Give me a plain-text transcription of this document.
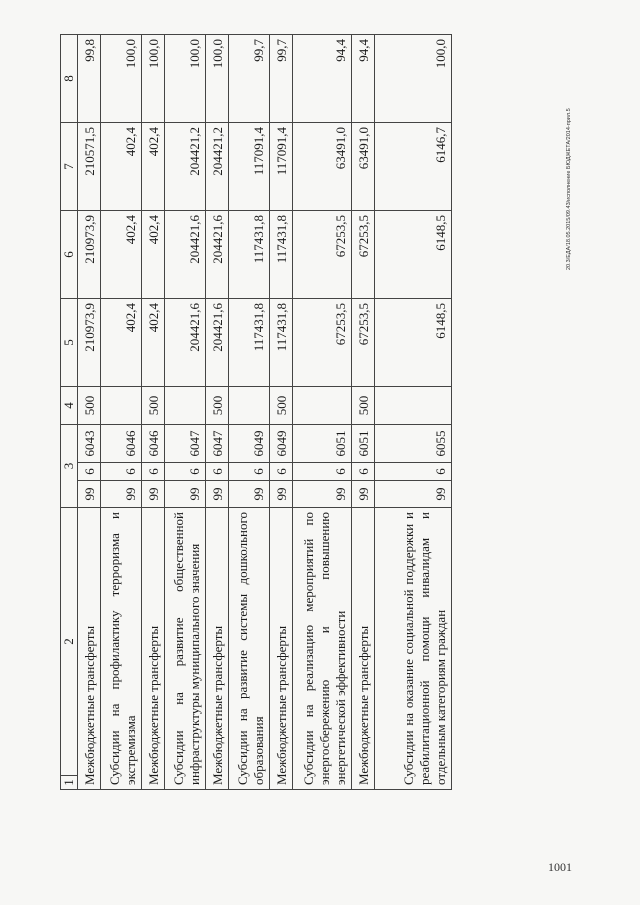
1	2	3			4	5	6	7	8
Межбюджетные трансферты		99	6	6043	500	210973,9	210973,9	210571,5	99,8
Субсидии на профилактику терроризма и экстремизма		99	6	6046		402,4	402,4	402,4	100,0
Межбюджетные трансферты		99	6	6046	500	402,4	402,4	402,4	100,0
Субсидии на развитие общественной инфраструктуры муниципального значения		99	6	6047		204421,6	204421,6	204421,2	100,0
Межбюджетные трансферты		99	6	6047	500	204421,6	204421,6	204421,2	100,0
Субсидии на развитие системы дошкольного образования		99	6	6049		117431,8	117431,8	117091,4	99,7
Межбюджетные трансферты		99	6	6049	500	117431,8	117431,8	117091,4	99,7
Субсидии на реализацию мероприятий по энергосбережению и повышению энергетической эффективности		99	6	6051		67253,5	67253,5	63491,0	94,4
Межбюджетные трансферты		99	6	6051	500	67253,5	67253,5	63491,0	94,4
Субсидии на оказание социальной поддержки и реабилитационной помощи инвалидам и отдельным категориям граждан		99	6	6055		6148,5	6148,5	6146,7	100,0
20.3/ЕДА/18.05.2015/09.43/исполнение БЮДЖЕТА/2014-прил.5
1001
